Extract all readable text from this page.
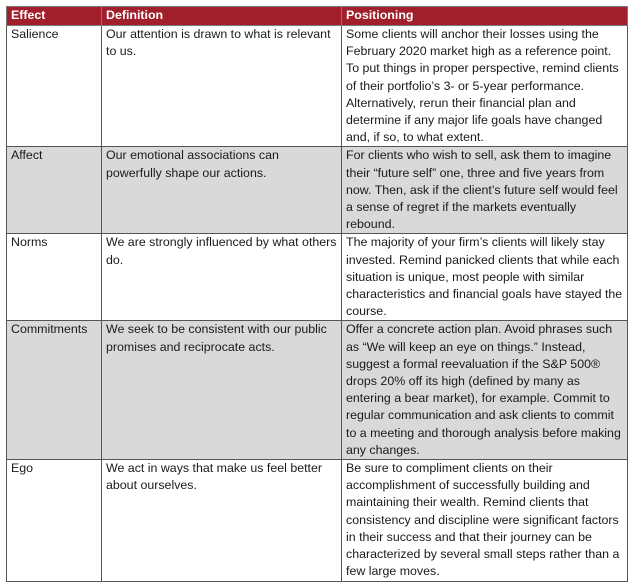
Effect	Definition	Positioning
Salience	Our attention is drawn to what is relevant to us.	Some clients will anchor their losses using the February 2020 market high as a reference point. To put things in proper perspective, remind clients of their portfolio’s 3- or 5-year performance. Alternatively, rerun their financial plan and determine if any major life goals have changed and, if so, to what extent.
Affect	Our emotional associations can powerfully shape our actions.	For clients who wish to sell, ask them to imagine their “future self” one, three and five years from now. Then, ask if the client’s future self would feel a sense of regret if the markets eventually rebound.
Norms	We are strongly influenced by what others do.	The majority of your firm’s clients will likely stay invested. Remind panicked clients that while each situation is unique, most people with similar characteristics and financial goals have stayed the course.
Commitments	We seek to be consistent with our public promises and reciprocate acts.	Offer a concrete action plan. Avoid phrases such as “We will keep an eye on things.” Instead, suggest a formal reevaluation if the S&P 500® drops 20% off its high (defined by many as entering a bear market), for example. Commit to regular communication and ask clients to commit to a meeting and thorough analysis before making any changes.
Ego	We act in ways that make us feel better about ourselves.	Be sure to compliment clients on their accomplishment of successfully building and maintaining their wealth. Remind clients that consistency and discipline were significant factors in their success and that their journey can be characterized by several small steps rather than a few large moves.
